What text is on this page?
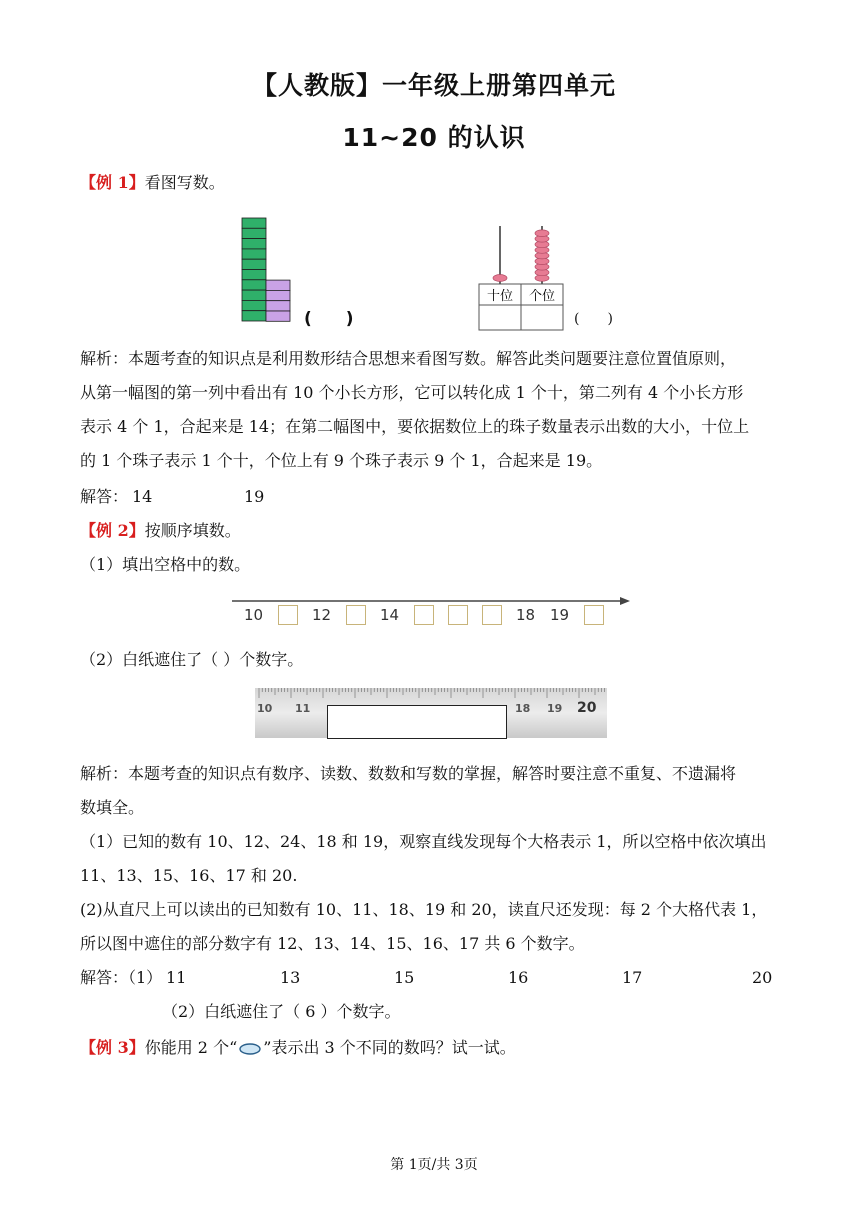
【人教版】一年级上册第四单元
11~20 的认识
【例 1】看图写数。
(　　)
十位 个位
(　　)
解析：本题考查的知识点是利用数形结合思想来看图写数。解答此类问题要注意位置值原则，
从第一幅图的第一列中看出有 10 个小长方形，它可以转化成 1 个十，第二列有 4 个小长方形
表示 4 个 1，合起来是 14；在第二幅图中，要依据数位上的珠子数量表示出数的大小，十位上
的 1 个珠子表示 1 个十，个位上有 9 个珠子表示 9 个 1，合起来是 19。
解答： 14	19
【例 2】按顺序填数。
（1）填出空格中的数。
10	12	14	18 19
（2）白纸遮住了（ ）个数字。
10 11	18 19 20
解析：本题考查的知识点有数序、读数、数数和写数的掌握，解答时要注意不重复、不遗漏将
数填全。
（1）已知的数有 10、12、24、18 和 19，观察直线发现每个大格表示 1，所以空格中依次填出
11、13、15、16、17 和 20.
(2)从直尺上可以读出的已知数有 10、11、18、19 和 20，读直尺还发现：每 2 个大格代表 1，
所以图中遮住的部分数字有 12、13、14、15、16、17 共 6 个数字。
解答：（1） 11	13	15	16	17	20
（2）白纸遮住了（ 6 ）个数字。
【例 3】你能用 2 个“ ”表示出 3 个不同的数吗？试一试。
第 1页/共 3页
